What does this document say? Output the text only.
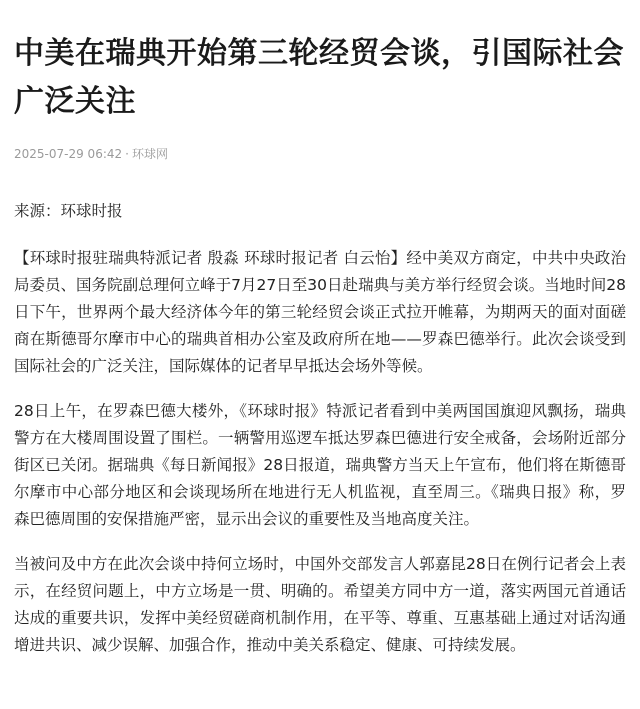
中美在瑞典开始第三轮经贸会谈，引国际社会广泛关注
2025-07-29 06:42 · 环球网

来源：环球时报

【环球时报驻瑞典特派记者 殷淼 环球时报记者 白云怡】经中美双方商定，中共中央政治局委员、国务院副总理何立峰于7月27日至30日赴瑞典与美方举行经贸会谈。当地时间28日下午，世界两个最大经济体今年的第三轮经贸会谈正式拉开帷幕，为期两天的面对面磋商在斯德哥尔摩市中心的瑞典首相办公室及政府所在地——罗森巴德举行。此次会谈受到国际社会的广泛关注，国际媒体的记者早早抵达会场外等候。

28日上午，在罗森巴德大楼外，《环球时报》特派记者看到中美两国国旗迎风飘扬，瑞典警方在大楼周围设置了围栏。一辆警用巡逻车抵达罗森巴德进行安全戒备，会场附近部分街区已关闭。据瑞典《每日新闻报》28日报道，瑞典警方当天上午宣布，他们将在斯德哥尔摩市中心部分地区和会谈现场所在地进行无人机监视，直至周三。《瑞典日报》称，罗森巴德周围的安保措施严密，显示出会议的重要性及当地高度关注。

当被问及中方在此次会谈中持何立场时，中国外交部发言人郭嘉昆28日在例行记者会上表示，在经贸问题上，中方立场是一贯、明确的。希望美方同中方一道，落实两国元首通话达成的重要共识，发挥中美经贸磋商机制作用，在平等、尊重、互惠基础上通过对话沟通增进共识、减少误解、加强合作，推动中美关系稳定、健康、可持续发展。
